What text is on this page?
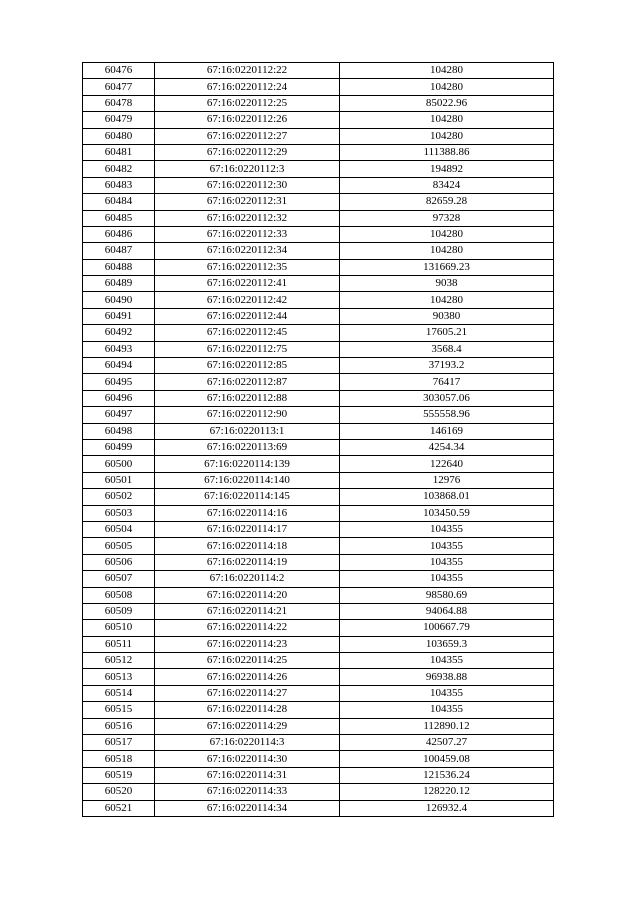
60476	67:16:0220112:22	104280
60477	67:16:0220112:24	104280
60478	67:16:0220112:25	85022.96
60479	67:16:0220112:26	104280
60480	67:16:0220112:27	104280
60481	67:16:0220112:29	111388.86
60482	67:16:0220112:3	194892
60483	67:16:0220112:30	83424
60484	67:16:0220112:31	82659.28
60485	67:16:0220112:32	97328
60486	67:16:0220112:33	104280
60487	67:16:0220112:34	104280
60488	67:16:0220112:35	131669.23
60489	67:16:0220112:41	9038
60490	67:16:0220112:42	104280
60491	67:16:0220112:44	90380
60492	67:16:0220112:45	17605.21
60493	67:16:0220112:75	3568.4
60494	67:16:0220112:85	37193.2
60495	67:16:0220112:87	76417
60496	67:16:0220112:88	303057.06
60497	67:16:0220112:90	555558.96
60498	67:16:0220113:1	146169
60499	67:16:0220113:69	4254.34
60500	67:16:0220114:139	122640
60501	67:16:0220114:140	12976
60502	67:16:0220114:145	103868.01
60503	67:16:0220114:16	103450.59
60504	67:16:0220114:17	104355
60505	67:16:0220114:18	104355
60506	67:16:0220114:19	104355
60507	67:16:0220114:2	104355
60508	67:16:0220114:20	98580.69
60509	67:16:0220114:21	94064.88
60510	67:16:0220114:22	100667.79
60511	67:16:0220114:23	103659.3
60512	67:16:0220114:25	104355
60513	67:16:0220114:26	96938.88
60514	67:16:0220114:27	104355
60515	67:16:0220114:28	104355
60516	67:16:0220114:29	112890.12
60517	67:16:0220114:3	42507.27
60518	67:16:0220114:30	100459.08
60519	67:16:0220114:31	121536.24
60520	67:16:0220114:33	128220.12
60521	67:16:0220114:34	126932.4
